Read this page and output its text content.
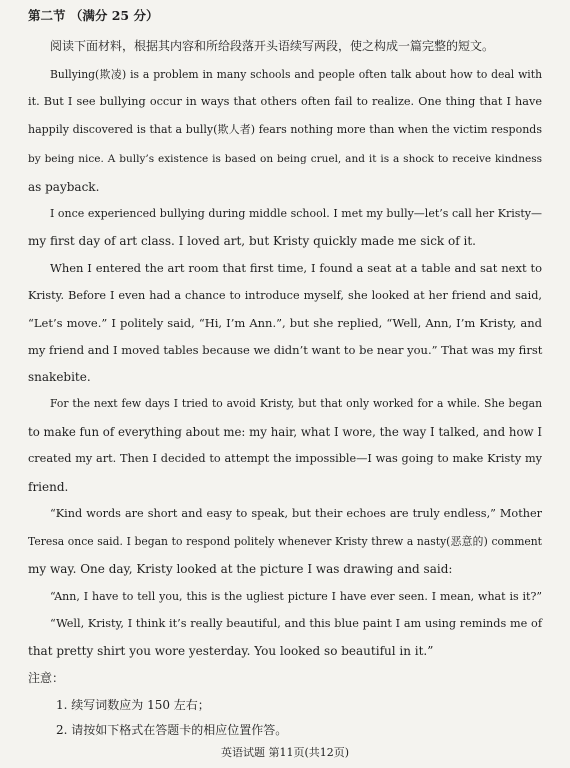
第二节 （满分 25 分）
阅读下面材料，根据其内容和所给段落开头语续写两段，使之构成一篇完整的短文。
Bullying(欺凌) is a problem in many schools and people often talk about how to deal with
it. But I see bullying occur in ways that others often fail to realize. One thing that I have
happily discovered is that a bully(欺人者) fears nothing more than when the victim responds
by being nice. A bully’s existence is based on being cruel, and it is a shock to receive kindness
as payback.
I once experienced bullying during middle school. I met my bully—let’s call her Kristy—
my first day of art class. I loved art, but Kristy quickly made me sick of it.
When I entered the art room that first time, I found a seat at a table and sat next to
Kristy. Before I even had a chance to introduce myself, she looked at her friend and said,
“Let’s move.” I politely said, “Hi, I’m Ann.”, but she replied, “Well, Ann, I’m Kristy, and
my friend and I moved tables because we didn’t want to be near you.” That was my first
snakebite.
For the next few days I tried to avoid Kristy, but that only worked for a while. She began
to make fun of everything about me: my hair, what I wore, the way I talked, and how I
created my art. Then I decided to attempt the impossible—I was going to make Kristy my
friend.
“Kind words are short and easy to speak, but their echoes are truly endless,” Mother
Teresa once said. I began to respond politely whenever Kristy threw a nasty(恶意的) comment
my way. One day, Kristy looked at the picture I was drawing and said:
“Ann, I have to tell you, this is the ugliest picture I have ever seen. I mean, what is it?”
“Well, Kristy, I think it’s really beautiful, and this blue paint I am using reminds me of
that pretty shirt you wore yesterday. You looked so beautiful in it.”
注意：
1. 续写词数应为 150 左右；
2. 请按如下格式在答题卡的相应位置作答。
英语试题 第11页(共12页)
